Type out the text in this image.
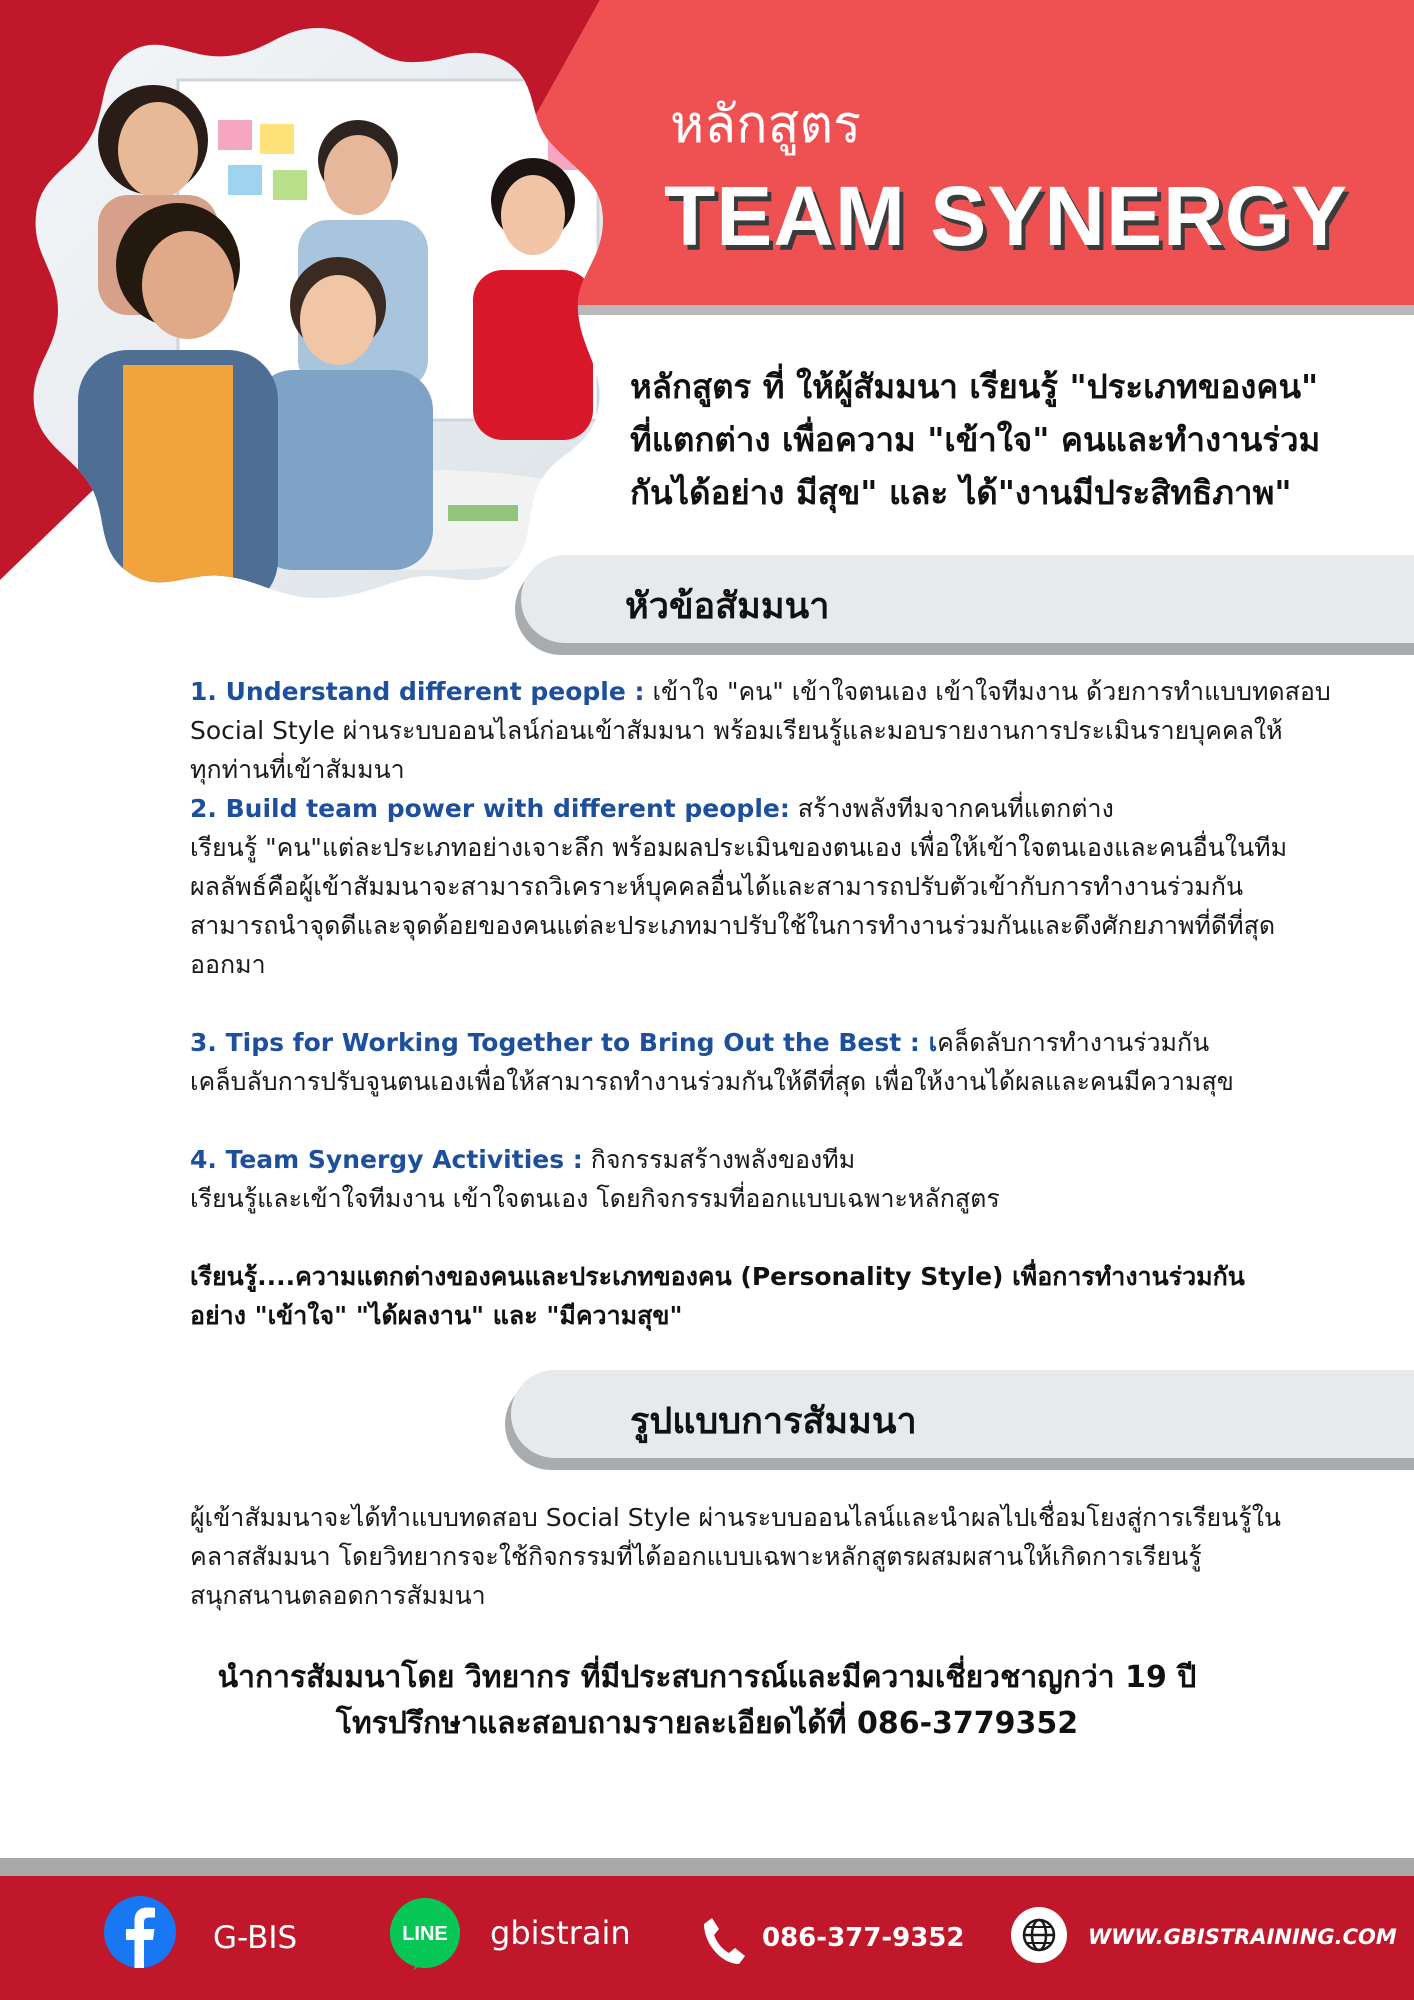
หลักสูตร
TEAM SYNERGY
หลักสูตร ที่ ให้ผู้สัมมนา เรียนรู้ "ประเภทของคน"
ที่แตกต่าง เพื่อความ "เข้าใจ" คนและทำงานร่วม
กันได้อย่าง มีสุข" และ ได้"งานมีประสิทธิภาพ"
หัวข้อสัมมนา

1. Understand different people : เข้าใจ "คน" เข้าใจตนเอง เข้าใจทีมงาน ด้วยการทำแบบทดสอบ

Social Style ผ่านระบบออนไลน์ก่อนเข้าสัมมนา พร้อมเรียนรู้และมอบรายงานการประเมินรายบุคคลให้

ทุกท่านที่เข้าสัมมนา

2. Build team power with different people: สร้างพลังทีมจากคนที่แตกต่าง

เรียนรู้ "คน"แต่ละประเภทอย่างเจาะลึก พร้อมผลประเมินของตนเอง เพื่อให้เข้าใจตนเองและคนอื่นในทีม

ผลลัพธ์คือผู้เข้าสัมมนาจะสามารถวิเคราะห์บุคคลอื่นได้และสามารถปรับตัวเข้ากับการทำงานร่วมกัน

สามารถนำจุดดีและจุดด้อยของคนแต่ละประเภทมาปรับใช้ในการทำงานร่วมกันและดึงศักยภาพที่ดีที่สุด

ออกมา

3. Tips for Working Together to Bring Out the Best : เคล็ดลับการทำงานร่วมกัน

เคล็บลับการปรับจูนตนเองเพื่อให้สามารถทำงานร่วมกันให้ดีที่สุด เพื่อให้งานได้ผลและคนมีความสุข

4. Team Synergy Activities : กิจกรรมสร้างพลังของทีม

เรียนรู้และเข้าใจทีมงาน เข้าใจตนเอง โดยกิจกรรมที่ออกแบบเฉพาะหลักสูตร

เรียนรู้....ความแตกต่างของคนและประเภทของคน (Personality Style) เพื่อการทำงานร่วมกัน

อย่าง "เข้าใจ" "ได้ผลงาน" และ "มีความสุข"

รูปแบบการสัมมนา
ผู้เข้าสัมมนาจะได้ทำแบบทดสอบ Social Style ผ่านระบบออนไลน์และนำผลไปเชื่อมโยงสู่การเรียนรู้ใน
คลาสสัมมนา โดยวิทยากรจะใช้กิจกรรมที่ได้ออกแบบเฉพาะหลักสูตรผสมผสานให้เกิดการเรียนรู้
สนุกสนานตลอดการสัมมนา

นำการสัมมนาโดย วิทยากร ที่มีประสบการณ์และมีความเชี่ยวชาญกว่า 19 ปี

โทรปรึกษาและสอบถามรายละเอียดได้ที่ 086-3779352

G-BIS	LINE gbistrain	086-377-9352	WWW.GBISTRAINING.COM
